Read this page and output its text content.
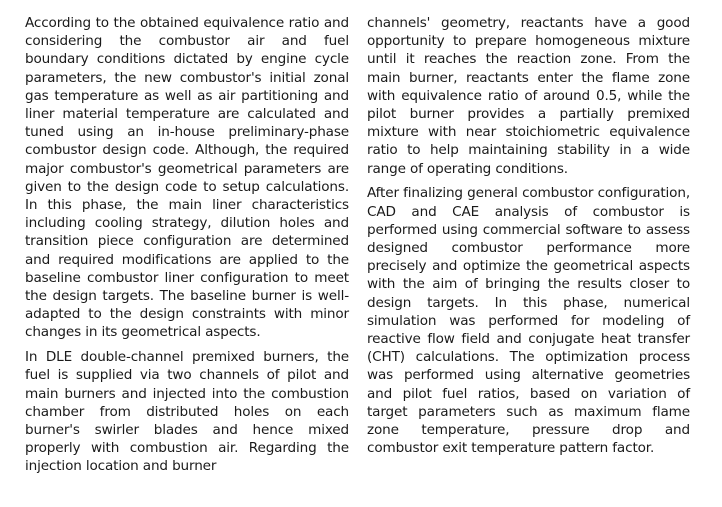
According to the obtained equivalence ratio and considering the combustor air and fuel boundary conditions dictated by engine cycle parameters, the new combustor's initial zonal gas temperature as well as air partitioning and liner material temperature are calculated and tuned using an in-house preliminary-phase combustor design code. Although, the required major combustor's geometrical parameters are given to the design code to setup calculations. In this phase, the main liner characteristics including cooling strategy, dilution holes and transition piece configuration are determined and required modifications are applied to the baseline combustor liner configuration to meet the design targets. The baseline burner is well-adapted to the design constraints with minor changes in its geometrical aspects.

In DLE double-channel premixed burners, the fuel is supplied via two channels of pilot and main burners and injected into the combustion chamber from distributed holes on each burner's swirler blades and hence mixed properly with combustion air. Regarding the injection location and burner

channels' geometry, reactants have a good opportunity to prepare homogeneous mixture until it reaches the reaction zone. From the main burner, reactants enter the flame zone with equivalence ratio of around 0.5, while the pilot burner provides a partially premixed mixture with near stoichiometric equivalence ratio to help maintaining stability in a wide range of operating conditions.

After finalizing general combustor configuration, CAD and CAE analysis of combustor is performed using commercial software to assess designed combustor performance more precisely and optimize the geometrical aspects with the aim of bringing the results closer to design targets. In this phase, numerical simulation was performed for modeling of reactive flow field and conjugate heat transfer (CHT) calculations. The optimization process was performed using alternative geometries and pilot fuel ratios, based on variation of target parameters such as maximum flame zone temperature, pressure drop and combustor exit temperature pattern factor.
